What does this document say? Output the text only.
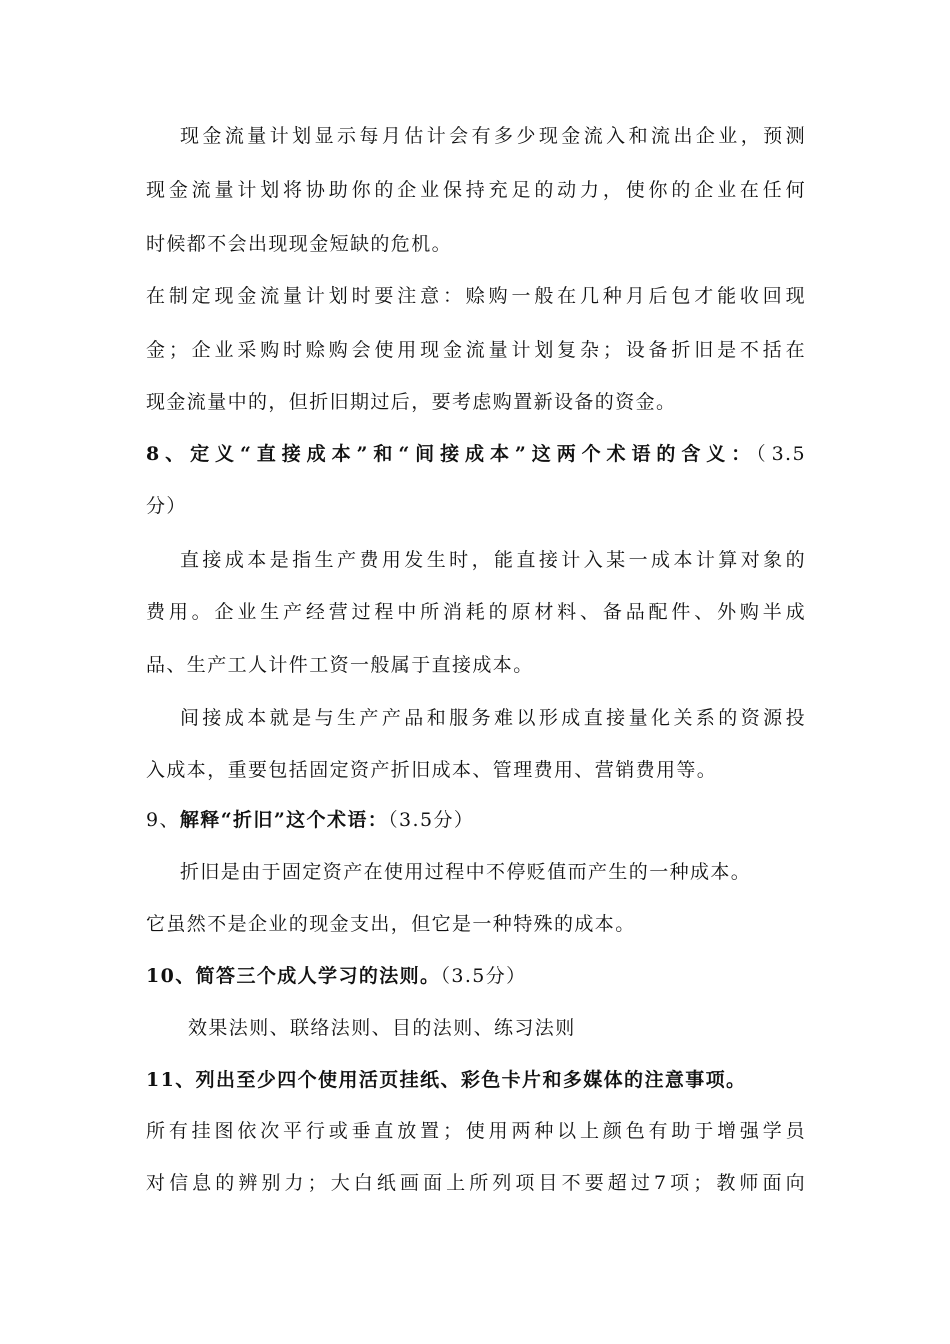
现金流量计划显示每月估计会有多少现金流入和流出企业，预测
现金流量计划将协助你的企业保持充足的动力，使你的企业在任何
时候都不会出现现金短缺的危机。
在制定现金流量计划时要注意：赊购一般在几种月后包才能收回现
金；企业采购时赊购会使用现金流量计划复杂；设备折旧是不括在
现金流量中的，但折旧期过后，要考虑购置新设备的资金。
8、定义“直接成本”和“间接成本”这两个术语的含义：（3.5
分）
直接成本是指生产费用发生时，能直接计入某一成本计算对象的
费用。企业生产经营过程中所消耗的原材料、备品配件、外购半成
品、生产工人计件工资一般属于直接成本。
间接成本就是与生产产品和服务难以形成直接量化关系的资源投
入成本，重要包括固定资产折旧成本、管理费用、营销费用等。
9、解释“折旧”这个术语：（3.5分）
折旧是由于固定资产在使用过程中不停贬值而产生的一种成本。
它虽然不是企业的现金支出，但它是一种特殊的成本。
10、简答三个成人学习的法则。（3.5分）
效果法则、联络法则、目的法则、练习法则
11、列出至少四个使用活页挂纸、彩色卡片和多媒体的注意事项。
所有挂图依次平行或垂直放置；使用两种以上颜色有助于增强学员
对信息的辨别力；大白纸画面上所列项目不要超过7项；教师面向
